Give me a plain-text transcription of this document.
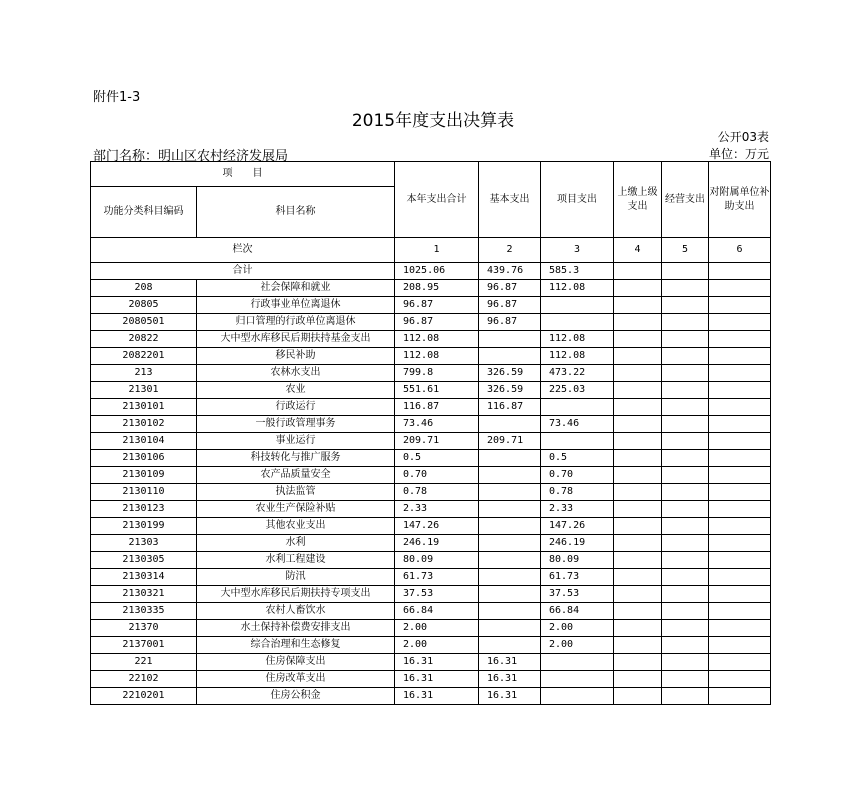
附件1-3
2015年度支出决算表
公开03表
部门名称：明山区农村经济发展局	单位：万元
项　　目		本年支出合计	基本支出	项目支出	上缴上级支出	经营支出	对附属单位补助支出
功能分类科目编码	科目名称						
栏次		1	2	3	4	5	6
合计		1025.06	439.76	585.3			
208	社会保障和就业	208.95	96.87	112.08			
20805	行政事业单位离退休	96.87	96.87				
2080501	归口管理的行政单位离退休	96.87	96.87				
20822	大中型水库移民后期扶持基金支出	112.08		112.08			
2082201	移民补助	112.08		112.08			
213	农林水支出	799.8	326.59	473.22			
21301	农业	551.61	326.59	225.03			
2130101	行政运行	116.87	116.87				
2130102	一般行政管理事务	73.46		73.46			
2130104	事业运行	209.71	209.71				
2130106	科技转化与推广服务	0.5		0.5			
2130109	农产品质量安全	0.70		0.70			
2130110	执法监管	0.78		0.78			
2130123	农业生产保险补贴	2.33		2.33			
2130199	其他农业支出	147.26		147.26			
21303	水利	246.19		246.19			
2130305	水利工程建设	80.09		80.09			
2130314	防汛	61.73		61.73			
2130321	大中型水库移民后期扶持专项支出	37.53		37.53			
2130335	农村人畜饮水	66.84		66.84			
21370	水土保持补偿费安排支出	2.00		2.00			
2137001	综合治理和生态修复	2.00		2.00			
221	住房保障支出	16.31	16.31				
22102	住房改革支出	16.31	16.31				
2210201	住房公积金	16.31	16.31				
